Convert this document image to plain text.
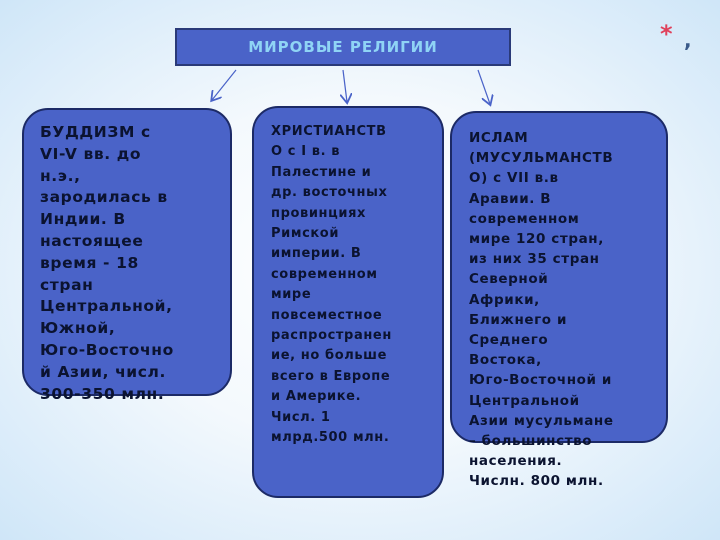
МИРОВЫЕ РЕЛИГИИ
БУДДИЗМ с
VI-V вв. до
н.э.,
зародилась в
Индии. В
настоящее
время - 18
стран
Центральной,
Южной,
Юго-Восточно
й Азии, числ.
300-350 млн.
ХРИСТИАНСТВ
О с I в. в
Палестине и
др. восточных
провинциях
Римской
империи. В
современном
мире
повсеместное
распространен
ие, но больше
всего в Европе
и Америке.
Числ. 1
млрд.500 млн.
ИСЛАМ
(МУСУЛЬМАНСТВ
О) с VII в.в
Аравии. В
современном
мире 120 стран,
из них 35 стран
Северной
Африки,
Ближнего и
Среднего
Востока,
Юго-Восточной и
Центральной
Азии мусульмане
– большинство
населения.
Числн. 800 млн.
* ,
